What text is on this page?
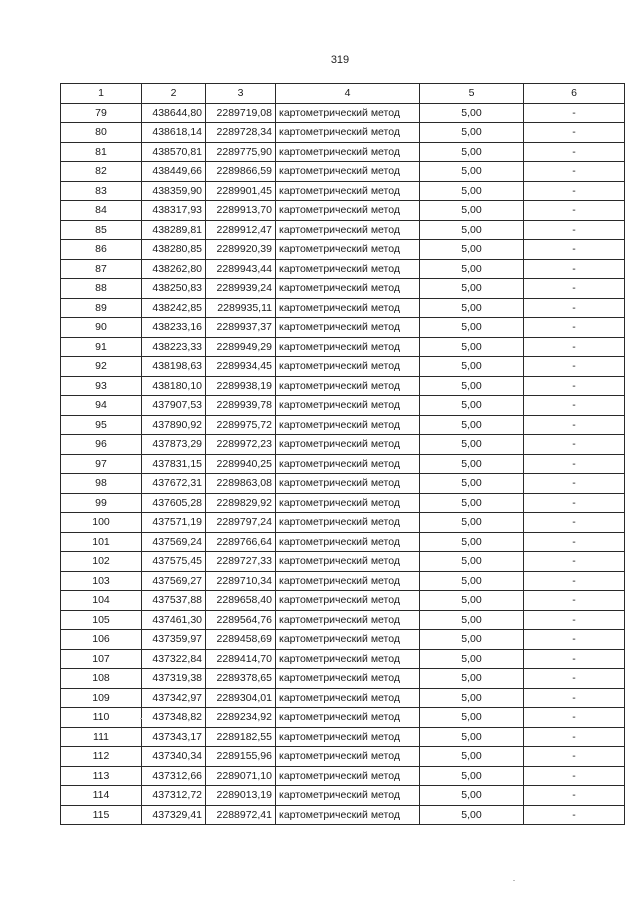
319
1	2	3	4	5	6
79	438644,80	2289719,08	картометрический метод	5,00	-
80	438618,14	2289728,34	картометрический метод	5,00	-
81	438570,81	2289775,90	картометрический метод	5,00	-
82	438449,66	2289866,59	картометрический метод	5,00	-
83	438359,90	2289901,45	картометрический метод	5,00	-
84	438317,93	2289913,70	картометрический метод	5,00	-
85	438289,81	2289912,47	картометрический метод	5,00	-
86	438280,85	2289920,39	картометрический метод	5,00	-
87	438262,80	2289943,44	картометрический метод	5,00	-
88	438250,83	2289939,24	картометрический метод	5,00	-
89	438242,85	2289935,11	картометрический метод	5,00	-
90	438233,16	2289937,37	картометрический метод	5,00	-
91	438223,33	2289949,29	картометрический метод	5,00	-
92	438198,63	2289934,45	картометрический метод	5,00	-
93	438180,10	2289938,19	картометрический метод	5,00	-
94	437907,53	2289939,78	картометрический метод	5,00	-
95	437890,92	2289975,72	картометрический метод	5,00	-
96	437873,29	2289972,23	картометрический метод	5,00	-
97	437831,15	2289940,25	картометрический метод	5,00	-
98	437672,31	2289863,08	картометрический метод	5,00	-
99	437605,28	2289829,92	картометрический метод	5,00	-
100	437571,19	2289797,24	картометрический метод	5,00	-
101	437569,24	2289766,64	картометрический метод	5,00	-
102	437575,45	2289727,33	картометрический метод	5,00	-
103	437569,27	2289710,34	картометрический метод	5,00	-
104	437537,88	2289658,40	картометрический метод	5,00	-
105	437461,30	2289564,76	картометрический метод	5,00	-
106	437359,97	2289458,69	картометрический метод	5,00	-
107	437322,84	2289414,70	картометрический метод	5,00	-
108	437319,38	2289378,65	картометрический метод	5,00	-
109	437342,97	2289304,01	картометрический метод	5,00	-
110	437348,82	2289234,92	картометрический метод	5,00	-
111	437343,17	2289182,55	картометрический метод	5,00	-
112	437340,34	2289155,96	картометрический метод	5,00	-
113	437312,66	2289071,10	картометрический метод	5,00	-
114	437312,72	2289013,19	картометрический метод	5,00	-
115	437329,41	2288972,41	картометрический метод	5,00	-
